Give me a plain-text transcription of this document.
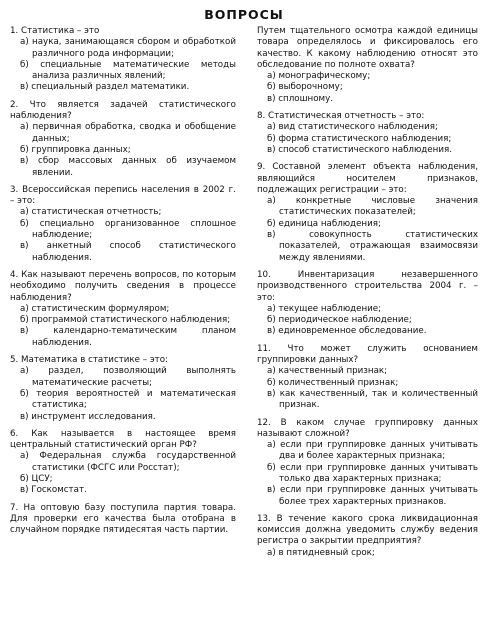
ВОПРОСЫ
1. Статистика – это
а) наука, занимающаяся сбором и обработкой различного рода информации;
б) специальные математические методы анализа различных явлений;
в) специальный раздел математики.
2. Что является задачей статистического наблюдения?
а) первичная обработка, сводка и обобщение данных;
б) группировка данных;
в) сбор массовых данных об изучаемом явлении.
3. Всероссийская перепись населения в 2002 г. – это:
а) статистическая отчетность;
б) специально организованное сплошное наблюдение;
в) анкетный способ статистического наблюдения.
4. Как называют перечень вопросов, по которым необходимо получить сведения в процессе наблюдения?
а) статистическим формуляром;
б) программой статистического наблюдения;
в) календарно-тематическим планом наблюдения.
5. Математика в статистике – это:
а) раздел, позволяющий выполнять математические расчеты;
б) теория вероятностей и математическая статистика;
в) инструмент исследования.
6. Как называется в настоящее время центральный статистический орган РФ?
а) Федеральная служба государственной статистики (ФСГС или Росстат);
б) ЦСУ;
в) Госкомстат.
7. На оптовую базу поступила партия товара. Для проверки его качества была отобрана в случайном порядке пятидесятая часть партии.
Путем тщательного осмотра каждой единицы товара определялось и фиксировалось его качество. К какому наблюдению относят это обследование по полноте охвата?
а) монографическому;
б) выборочному;
в) сплошному.
8. Статистическая отчетность – это:
а) вид статистического наблюдения;
б) форма статистического наблюдения;
в) способ статистического наблюдения.
9. Составной элемент объекта наблюдения, являющийся носителем признаков, подлежащих регистрации – это:
а) конкретные числовые значения статистических показателей;
б) единица наблюдения;
в) совокупность статистических показателей, отражающая взаимосвязи между явлениями.
10. Инвентаризация незавершенного производственного строительства 2004 г. – это:
а) текущее наблюдение;
б) периодическое наблюдение;
в) единовременное обследование.
11. Что может служить основанием группировки данных?
а) качественный признак;
б) количественный признак;
в) как качественный, так и количественный признак.
12. В каком случае группировку данных называют сложной?
а) если при группировке данных учитывать два и более характерных признака;
б) если при группировке данных учитывать только два характерных признака;
в) если при группировке данных учитывать более трех характерных признаков.
13. В течение какого срока ликвидационная комиссия должна уведомить службу ведения регистра о закрытии предприятия?
а) в пятидневный срок;
